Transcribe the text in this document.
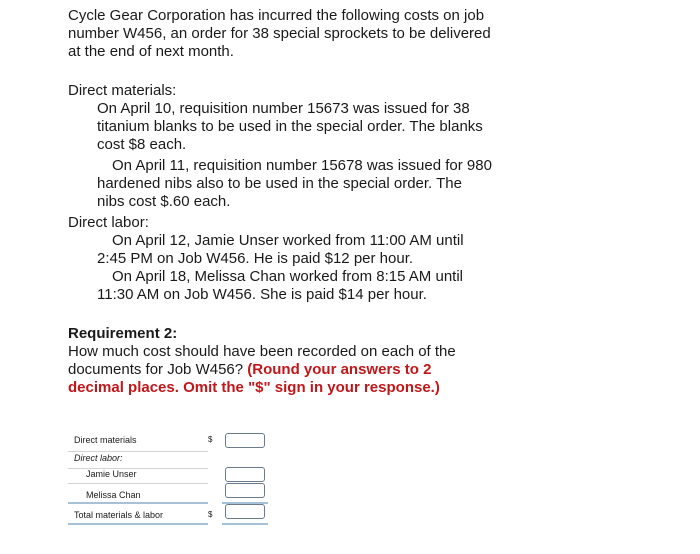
Cycle Gear Corporation has incurred the following costs on job
number W456, an order for 38 special sprockets to be delivered
at the end of next month.
Direct materials:
On April 10, requisition number 15673 was issued for 38
titanium blanks to be used in the special order. The blanks
cost $8 each.
On April 11, requisition number 15678 was issued for 980
hardened nibs also to be used in the special order. The
nibs cost $.60 each.
Direct labor:
On April 12, Jamie Unser worked from 11:00 AM until
2:45 PM on Job W456. He is paid $12 per hour.
On April 18, Melissa Chan worked from 8:15 AM until
11:30 AM on Job W456. She is paid $14 per hour.
Requirement 2:
How much cost should have been recorded on each of the
documents for Job W456? (Round your answers to 2
decimal places. Omit the "$" sign in your response.)
Direct materials	$
Direct labor:
Jamie Unser
Melissa Chan
Total materials & labor	$
